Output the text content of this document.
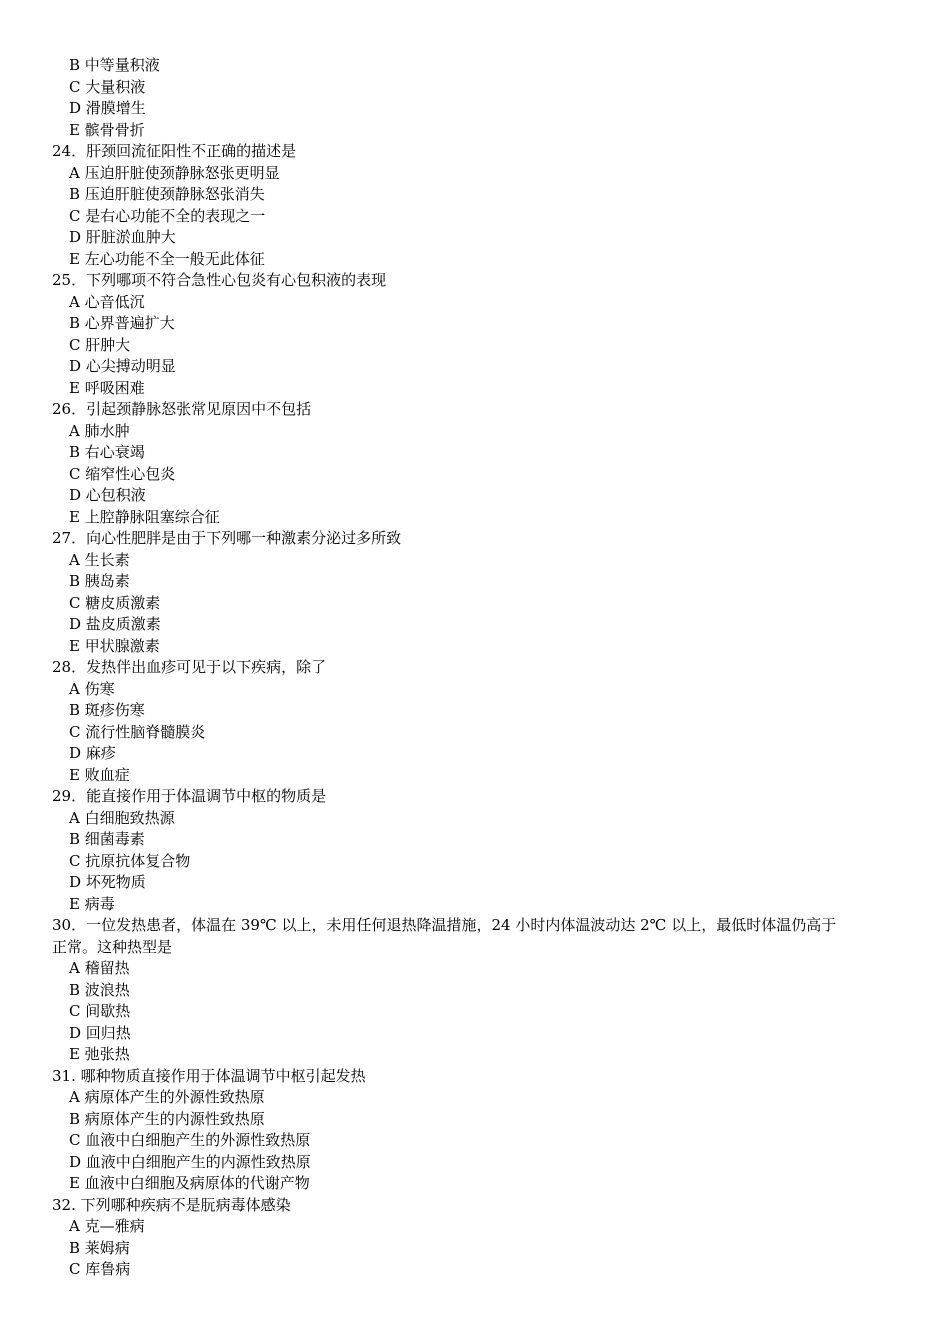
B 中等量积液
C 大量积液
D 滑膜增生
E 髌骨骨折
24．肝颈回流征阳性不正确的描述是
A 压迫肝脏使颈静脉怒张更明显
B 压迫肝脏使颈静脉怒张消失
C 是右心功能不全的表现之一
D 肝脏淤血肿大
E 左心功能不全一般无此体征
25．下列哪项不符合急性心包炎有心包积液的表现
A 心音低沉
B 心界普遍扩大
C 肝肿大
D 心尖搏动明显
E 呼吸困难
26．引起颈静脉怒张常见原因中不包括
A 肺水肿
B 右心衰竭
C 缩窄性心包炎
D 心包积液
E 上腔静脉阻塞综合征
27．向心性肥胖是由于下列哪一种激素分泌过多所致
A 生长素
B 胰岛素
C 糖皮质激素
D 盐皮质激素
E 甲状腺激素
28．发热伴出血疹可见于以下疾病，除了
A 伤寒
B 斑疹伤寒
C 流行性脑脊髓膜炎
D 麻疹
E 败血症
29．能直接作用于体温调节中枢的物质是
A 白细胞致热源
B 细菌毒素
C 抗原抗体复合物
D 坏死物质
E 病毒
30．一位发热患者，体温在 39℃ 以上，未用任何退热降温措施，24 小时内体温波动达 2℃ 以上，最低时体温仍高于
正常。这种热型是
A 稽留热
B 波浪热
C 间歇热
D 回归热
E 弛张热
31. 哪种物质直接作用于体温调节中枢引起发热
A 病原体产生的外源性致热原
B 病原体产生的内源性致热原
C 血液中白细胞产生的外源性致热原
D 血液中白细胞产生的内源性致热原
E 血液中白细胞及病原体的代谢产物
32. 下列哪种疾病不是朊病毒体感染
A 克—雅病
B 莱姆病
C 库鲁病
